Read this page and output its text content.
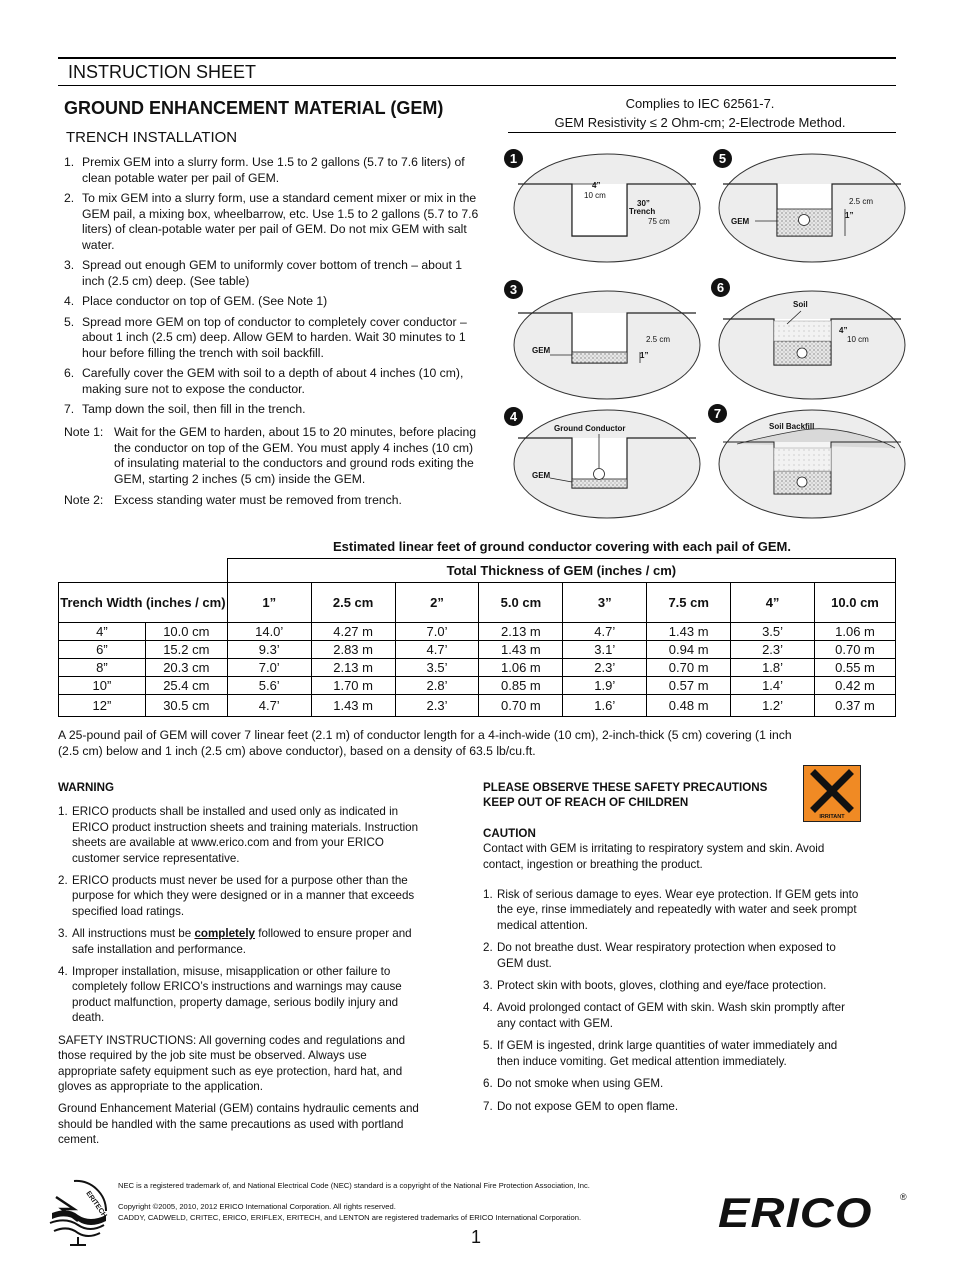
INSTRUCTION SHEET
GROUND ENHANCEMENT MATERIAL (GEM)
TRENCH INSTALLATION
Complies to IEC 62561-7.
GEM Resistivity ≤ 2 Ohm-cm; 2-Electrode Method.
1. Premix GEM into a slurry form. Use 1.5 to 2 gallons (5.7 to 7.6 liters) of clean potable water per pail of GEM.
2. To mix GEM into a slurry form, use a standard cement mixer or mix in the GEM pail, a mixing box, wheelbarrow, etc. Use 1.5 to 2 gallons (5.7 to 7.6 liters) of clean-potable water per pail of GEM. Do not mix GEM with salt water.
3. Spread out enough GEM to uniformly cover bottom of trench – about 1 inch (2.5 cm) deep. (See table)
4. Place conductor on top of GEM. (See Note 1)
5. Spread more GEM on top of conductor to completely cover conductor – about 1 inch (2.5 cm) deep. Allow GEM to harden. Wait 30 minutes to 1 hour before filling the trench with soil backfill.
6. Carefully cover the GEM with soil to a depth of about 4 inches (10 cm), making sure not to expose the conductor.
7. Tamp down the soil, then fill in the trench.
Note 1: Wait for the GEM to harden, about 15 to 20 minutes, before placing the conductor on top of the GEM. You must apply 4 inches (10 cm) of insulating material to the conductors and ground rods exiting the GEM, starting 2 inches (5 cm) inside the GEM.
Note 2: Excess standing water must be removed from trench.
1
4”
10 cm
30”
Trench
75 cm
5
GEM
2.5 cm
1”
3
GEM
2.5 cm
1”
6
Soil
4”
10 cm
4
Ground Conductor
GEM
7
Soil Backfill
Estimated linear feet of ground conductor covering with each pail of GEM.
		Total Thickness of GEM (inches / cm)							
Trench Width (inches / cm)		1”	2.5 cm	2”	5.0 cm	3”	7.5 cm	4”	10.0 cm
4”	10.0 cm	14.0’	4.27 m	7.0’	2.13 m	4.7’	1.43 m	3.5’	1.06 m
6”	15.2 cm	9.3’	2.83 m	4.7’	1.43 m	3.1’	0.94 m	2.3’	0.70 m
8”	20.3 cm	7.0’	2.13 m	3.5’	1.06 m	2.3’	0.70 m	1.8’	0.55 m
10”	25.4 cm	5.6’	1.70 m	2.8’	0.85 m	1.9’	0.57 m	1.4’	0.42 m
12”	30.5 cm	4.7’	1.43 m	2.3’	0.70 m	1.6’	0.48 m	1.2’	0.37 m
A 25-pound pail of GEM will cover 7 linear feet (2.1 m) of conductor length for a 4-inch-wide (10 cm), 2-inch-thick (5 cm) covering (1 inch (2.5 cm) below and 1 inch (2.5 cm) above conductor), based on a density of 63.5 lb/cu.ft.

WARNING

1. ERICO products shall be installed and used only as indicated in ERICO product instruction sheets and training materials. Instruction sheets are available at www.erico.com and from your ERICO customer service representative.
2. ERICO products must never be used for a purpose other than the purpose for which they were designed or in a manner that exceeds specified load ratings.
3. All instructions must be completely followed to ensure proper and safe installation and performance.
4. Improper installation, misuse, misapplication or other failure to completely follow ERICO’s instructions and warnings may cause product malfunction, property damage, serious bodily injury and death.

SAFETY INSTRUCTIONS: All governing codes and regulations and those required by the job site must be observed. Always use appropriate safety equipment such as eye protection, hard hat, and gloves as appropriate to the application.

Ground Enhancement Material (GEM) contains hydraulic cements and should be handled with the same precautions as used with portland cement.

PLEASE OBSERVE THESE SAFETY PRECAUTIONS
KEEP OUT OF REACH OF CHILDREN
CAUTION

Contact with GEM is irritating to respiratory system and skin. Avoid contact, ingestion or breathing the product.

1. Risk of serious damage to eyes. Wear eye protection. If GEM gets into the eye, rinse immediately and repeatedly with water and seek prompt medical attention.
2. Do not breathe dust. Wear respiratory protection when exposed to GEM dust.
3. Protect skin with boots, gloves, clothing and eye/face protection.
4. Avoid prolonged contact of GEM with skin. Wash skin promptly after any contact with GEM.
5. If GEM is ingested, drink large quantities of water immediately and then induce vomiting. Get medical attention immediately.
6. Do not smoke when using GEM.
7. Do not expose GEM to open flame.
IRRITANT
ERITECH
NEC is a registered trademark of, and National Electrical Code (NEC) standard is a copyright of the National Fire Protection Association, Inc.
Copyright ©2005, 2010, 2012 ERICO International Corporation. All rights reserved.
CADDY, CADWELD, CRITEC, ERICO, ERIFLEX, ERITECH, and LENTON are registered trademarks of ERICO International Corporation.
1
ERICO	®
